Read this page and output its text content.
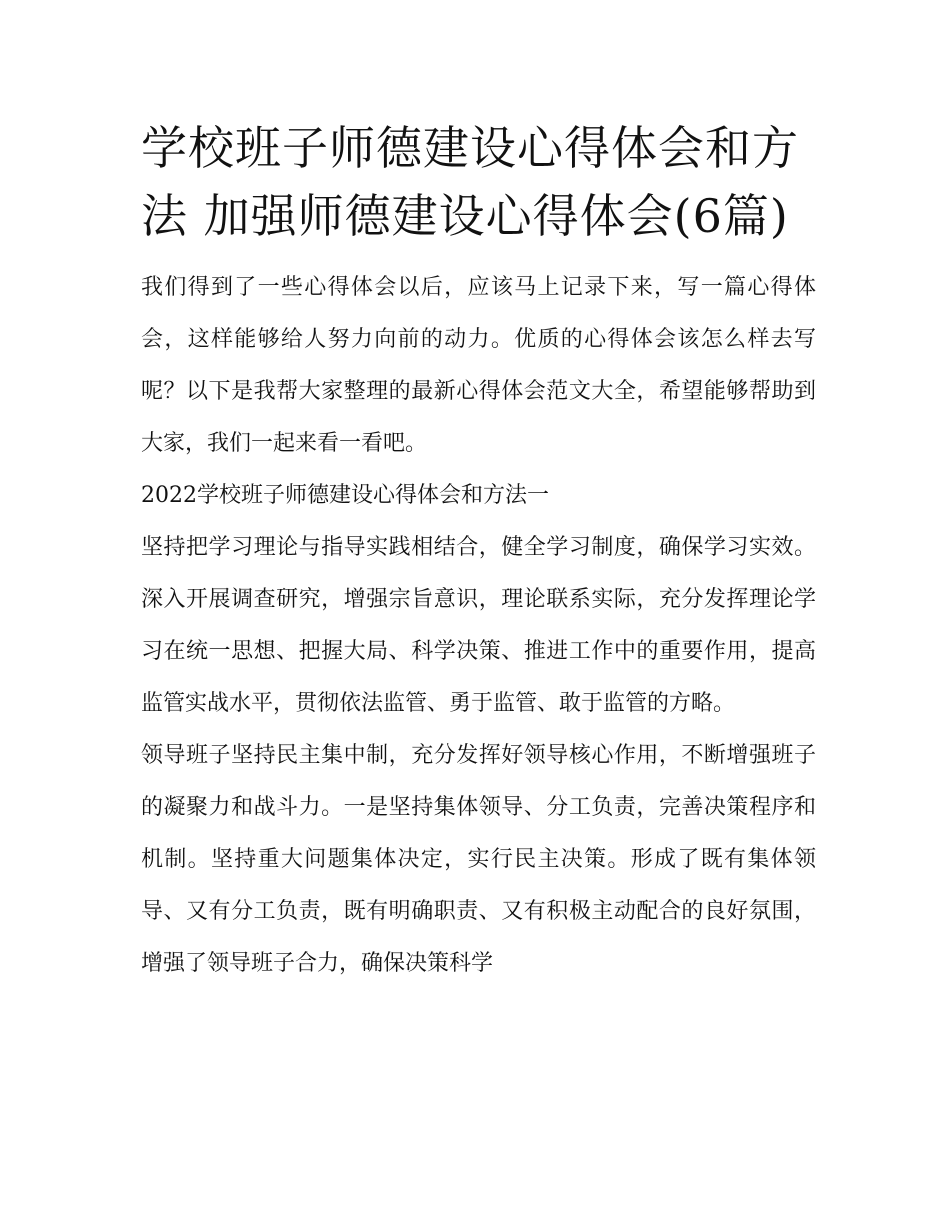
学校班子师德建设心得体会和方法 加强师德建设心得体会(6篇)

我们得到了一些心得体会以后，应该马上记录下来，写一篇心得体会，这样能够给人努力向前的动力。优质的心得体会该怎么样去写呢？以下是我帮大家整理的最新心得体会范文大全，希望能够帮助到大家，我们一起来看一看吧。

2022学校班子师德建设心得体会和方法一

坚持把学习理论与指导实践相结合，健全学习制度，确保学习实效。深入开展调查研究，增强宗旨意识，理论联系实际，充分发挥理论学习在统一思想、把握大局、科学决策、推进工作中的重要作用，提高监管实战水平，贯彻依法监管、勇于监管、敢于监管的方略。

领导班子坚持民主集中制，充分发挥好领导核心作用，不断增强班子的凝聚力和战斗力。一是坚持集体领导、分工负责，完善决策程序和机制。坚持重大问题集体决定，实行民主决策。形成了既有集体领导、又有分工负责，既有明确职责、又有积极主动配合的良好氛围，增强了领导班子合力，确保决策科学
